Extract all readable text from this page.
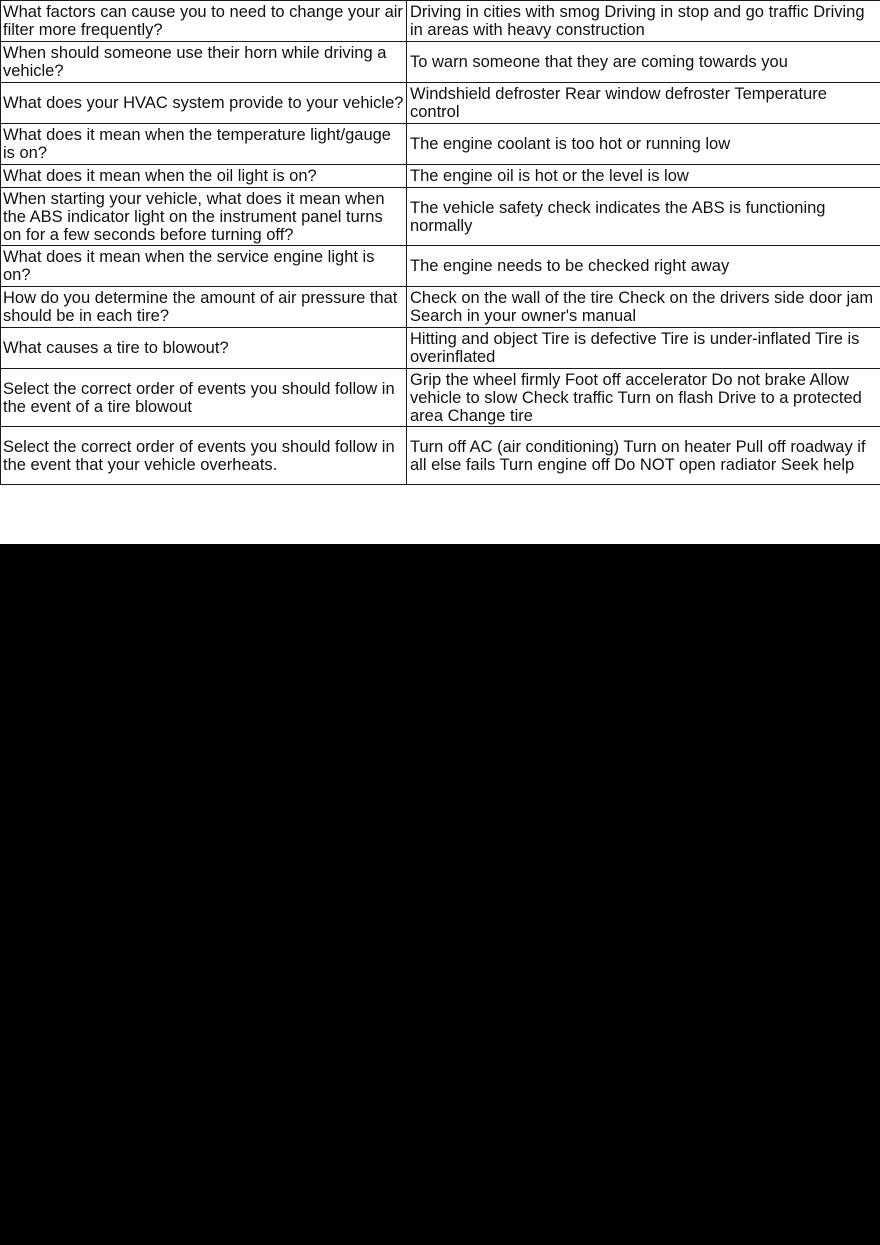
What factors can cause you to need to change your air filter more frequently?	Driving in cities with smog Driving in stop and go traffic Driving in areas with heavy construction
When should someone use their horn while driving a vehicle?	To warn someone that they are coming towards you
What does your HVAC system provide to your vehicle?	Windshield defroster Rear window defroster Temperature control
What does it mean when the temperature light/gauge is on?	The engine coolant is too hot or running low
What does it mean when the oil light is on?	The engine oil is hot or the level is low
When starting your vehicle, what does it mean when the ABS indicator light on the instrument panel turns on for a few seconds before turning off?	The vehicle safety check indicates the ABS is functioning normally
What does it mean when the service engine light is on?	The engine needs to be checked right away
How do you determine the amount of air pressure that should be in each tire?	Check on the wall of the tire Check on the drivers side door jam Search in your owner's manual
What causes a tire to blowout?	Hitting and object Tire is defective Tire is under-inflated Tire is overinflated
Select the correct order of events you should follow in the event of a tire blowout	Grip the wheel firmly Foot off accelerator Do not brake Allow vehicle to slow Check traffic Turn on flash Drive to a protected area Change tire
Select the correct order of events you should follow in the event that your vehicle overheats.	Turn off AC (air conditioning) Turn on heater Pull off roadway if all else fails Turn engine off Do NOT open radiator Seek help
